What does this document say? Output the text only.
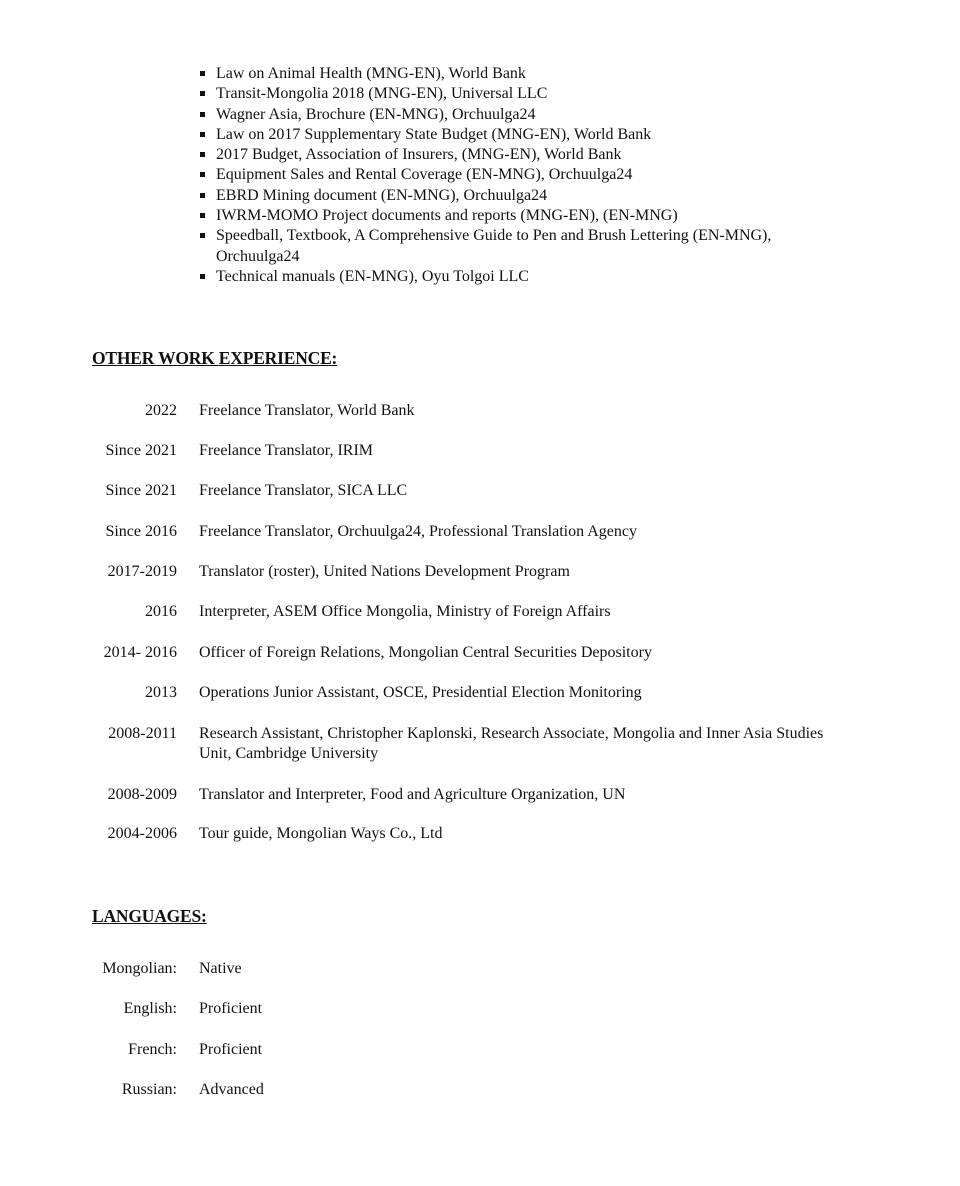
Law on Animal Health (MNG-EN), World Bank
Transit-Mongolia 2018 (MNG-EN), Universal LLC
Wagner Asia, Brochure (EN-MNG), Orchuulga24
Law on 2017 Supplementary State Budget (MNG-EN), World Bank
2017 Budget, Association of Insurers, (MNG-EN), World Bank
Equipment Sales and Rental Coverage (EN-MNG), Orchuulga24
EBRD Mining document (EN-MNG), Orchuulga24
IWRM-MOMO Project documents and reports (MNG-EN), (EN-MNG)
Speedball, Textbook, A Comprehensive Guide to Pen and Brush Lettering (EN-MNG), Orchuulga24
Technical manuals (EN-MNG), Oyu Tolgoi LLC
OTHER WORK EXPERIENCE:
2022 Freelance Translator, World Bank
Since 2021 Freelance Translator, IRIM
Since 2021 Freelance Translator, SICA LLC
Since 2016 Freelance Translator, Orchuulga24, Professional Translation Agency
2017-2019 Translator (roster), United Nations Development Program
2016 Interpreter, ASEM Office Mongolia, Ministry of Foreign Affairs
2014- 2016 Officer of Foreign Relations, Mongolian Central Securities Depository
2013 Operations Junior Assistant, OSCE, Presidential Election Monitoring
2008-2011 Research Assistant, Christopher Kaplonski, Research Associate, Mongolia and Inner Asia Studies Unit, Cambridge University
2008-2009 Translator and Interpreter, Food and Agriculture Organization, UN
2004-2006 Tour guide, Mongolian Ways Co., Ltd
LANGUAGES:
Mongolian: Native
English: Proficient
French: Proficient
Russian: Advanced
